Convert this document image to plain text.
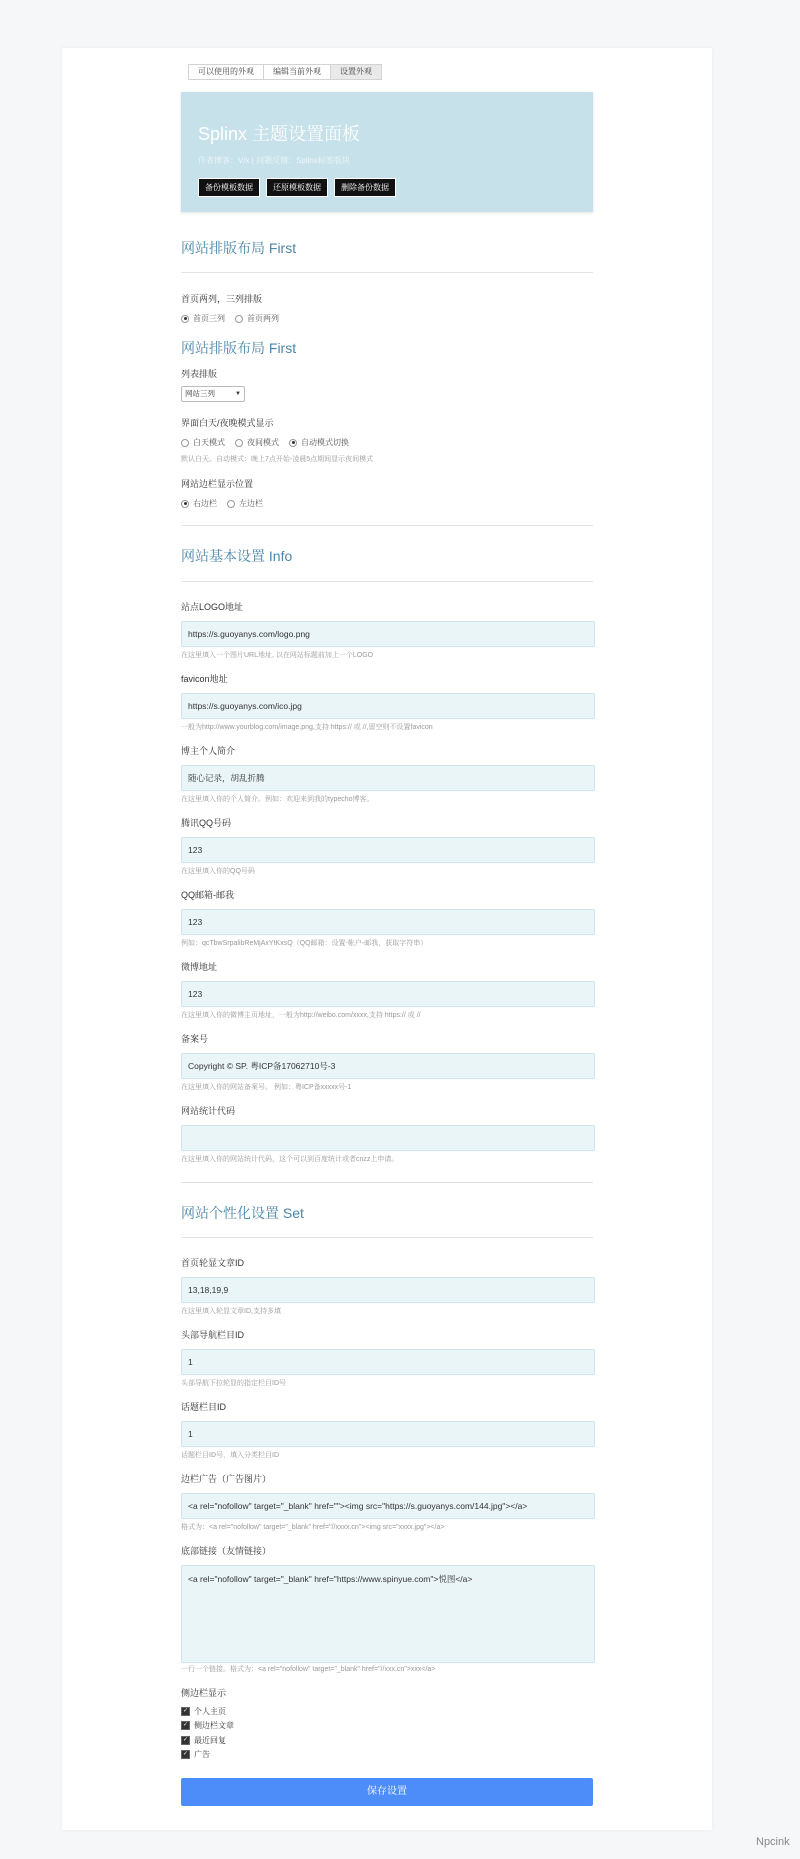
可以使用的外观	编辑当前外观	设置外观
Splinx 主题设置面板
作者博客：V/x | 问题反馈：Splinx标签版块
备份模板数据	还原模板数据	删除备份数据
网站排版布局 First
首页两列，三列排版
首页三列	首页两列
网站排版布局 First
列表排版
网站三列	▼
界面白天/夜晚模式显示
白天模式	夜间模式	自动模式切换
默认白天。自动模式：晚上7点开始-凌晨5点期间显示夜间模式
网站边栏显示位置
右边栏	左边栏
网站基本设置 Info
站点LOGO地址
https://s.guoyanys.com/logo.png
在这里填入一个图片URL地址, 以在网站标题前加上一个LOGO
favicon地址
https://s.guoyanys.com/ico.jpg
一般为http://www.yourblog.com/image.png,支持 https:// 或 //,留空则不设置favicon
博主个人简介
随心记录，胡乱折腾
在这里填入你的个人简介。例如：欢迎来到我的typecho博客。
腾讯QQ号码
123
在这里填入你的QQ号码
QQ邮箱-邮我
123
例如：qcTbwSrpalibReMjAxYtKxsQ（QQ邮箱：设置-帐户-邮我，获取字符串）
微博地址
123
在这里填入你的微博主页地址，一般为http://weibo.com/xxxx,支持 https:// 或 //
备案号
Copyright © SP. 粤ICP备17062710号-3
在这里填入你的网站备案号。 例如：粤ICP备xxxxx号-1
网站统计代码
在这里填入你的网站统计代码，这个可以到百度统计或者cnzz上申请。
网站个性化设置 Set
首页轮显文章ID
13,18,19,9
在这里填入轮显文章ID,支持多填
头部导航栏目ID
1
头部导航下拉轮显的指定栏目ID号
话题栏目ID
1
话题栏目ID号，填入分类栏目ID
边栏广告（广告图片）
<a rel="nofollow" target="_blank" href=""><img src="https://s.guoyanys.com/144.jpg"></a>
格式为：<a rel="nofollow" target="_blank" href="//xxxx.cn"><img src="xxxx.jpg"></a>
底部链接（友情链接）
<a rel="nofollow" target="_blank" href="https://www.spinyue.com">悦图</a>
一行一个链接。格式为：<a rel="nofollow" target="_blank" href="//xxx.cn">xxx</a>
侧边栏显示
✓ 个人主页
✓ 侧边栏文章
✓ 最近回复
✓ 广告
保存设置
Npcink
